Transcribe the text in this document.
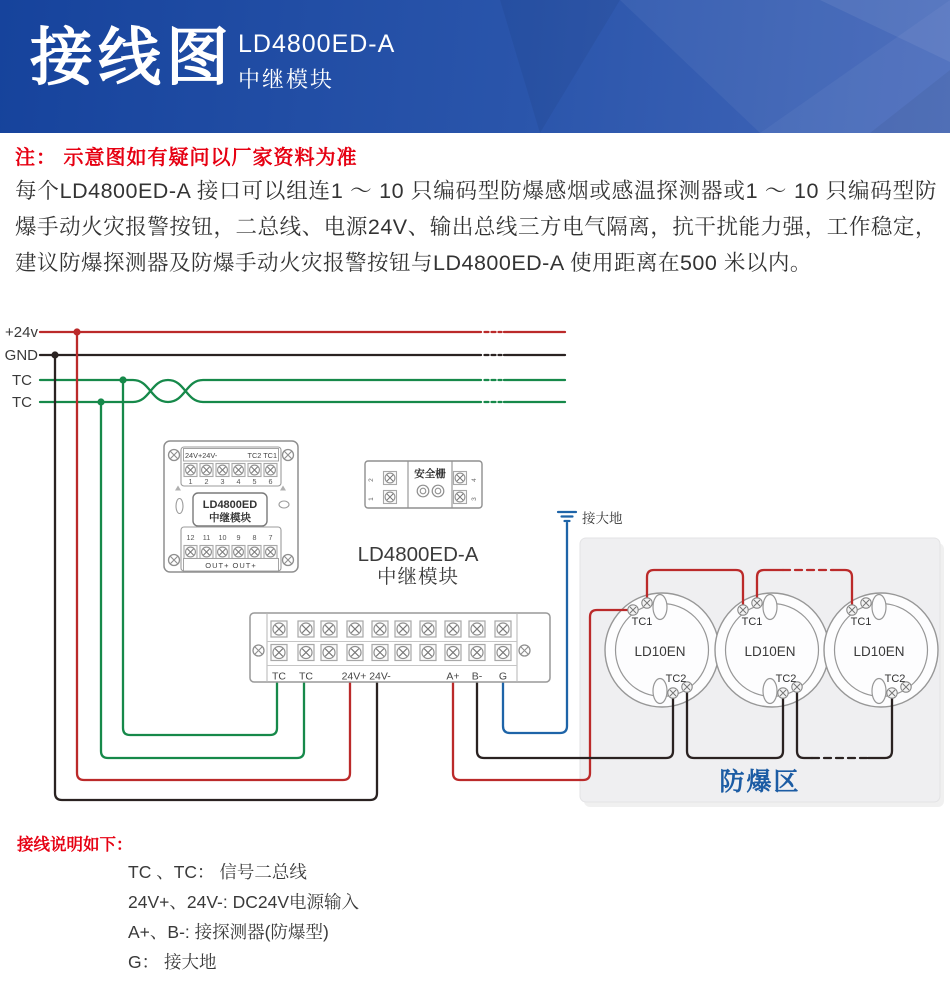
接线图 LD4800ED-A
中继模块
注： 示意图如有疑问以厂家资料为准
每个LD4800ED-A 接口可以组连1 ～ 10 只编码型防爆感烟或感温探测器或1 ～ 10 只编码型防爆手动火灾报警按钮，二总线、电源24V、输出总线三方电气隔离，抗干扰能力强，工作稳定，建议防爆探测器及防爆手动火灾报警按钮与LD4800ED-A 使用距离在500 米以内。
+24v
GND
TC
TC
接大地
TC1
LD10EN
TC2
TC1
LD10EN
TC2
TC1
LD10EN
TC2
防爆区
24V+24V-	TC2 TC1
1 2 3 4 5 6
LD4800ED
中继模块
12 11 10 9 8 7
OUT+ OUT+
2
1
4
3
安全栅
LD4800ED-A
中继模块
TC TC	24V+ 24V-	A+ B- G
接线说明如下：
TC 、TC： 信号二总线
24V+、24V-: DC24V电源输入
A+、B-: 接探测器(防爆型)
G： 接大地
